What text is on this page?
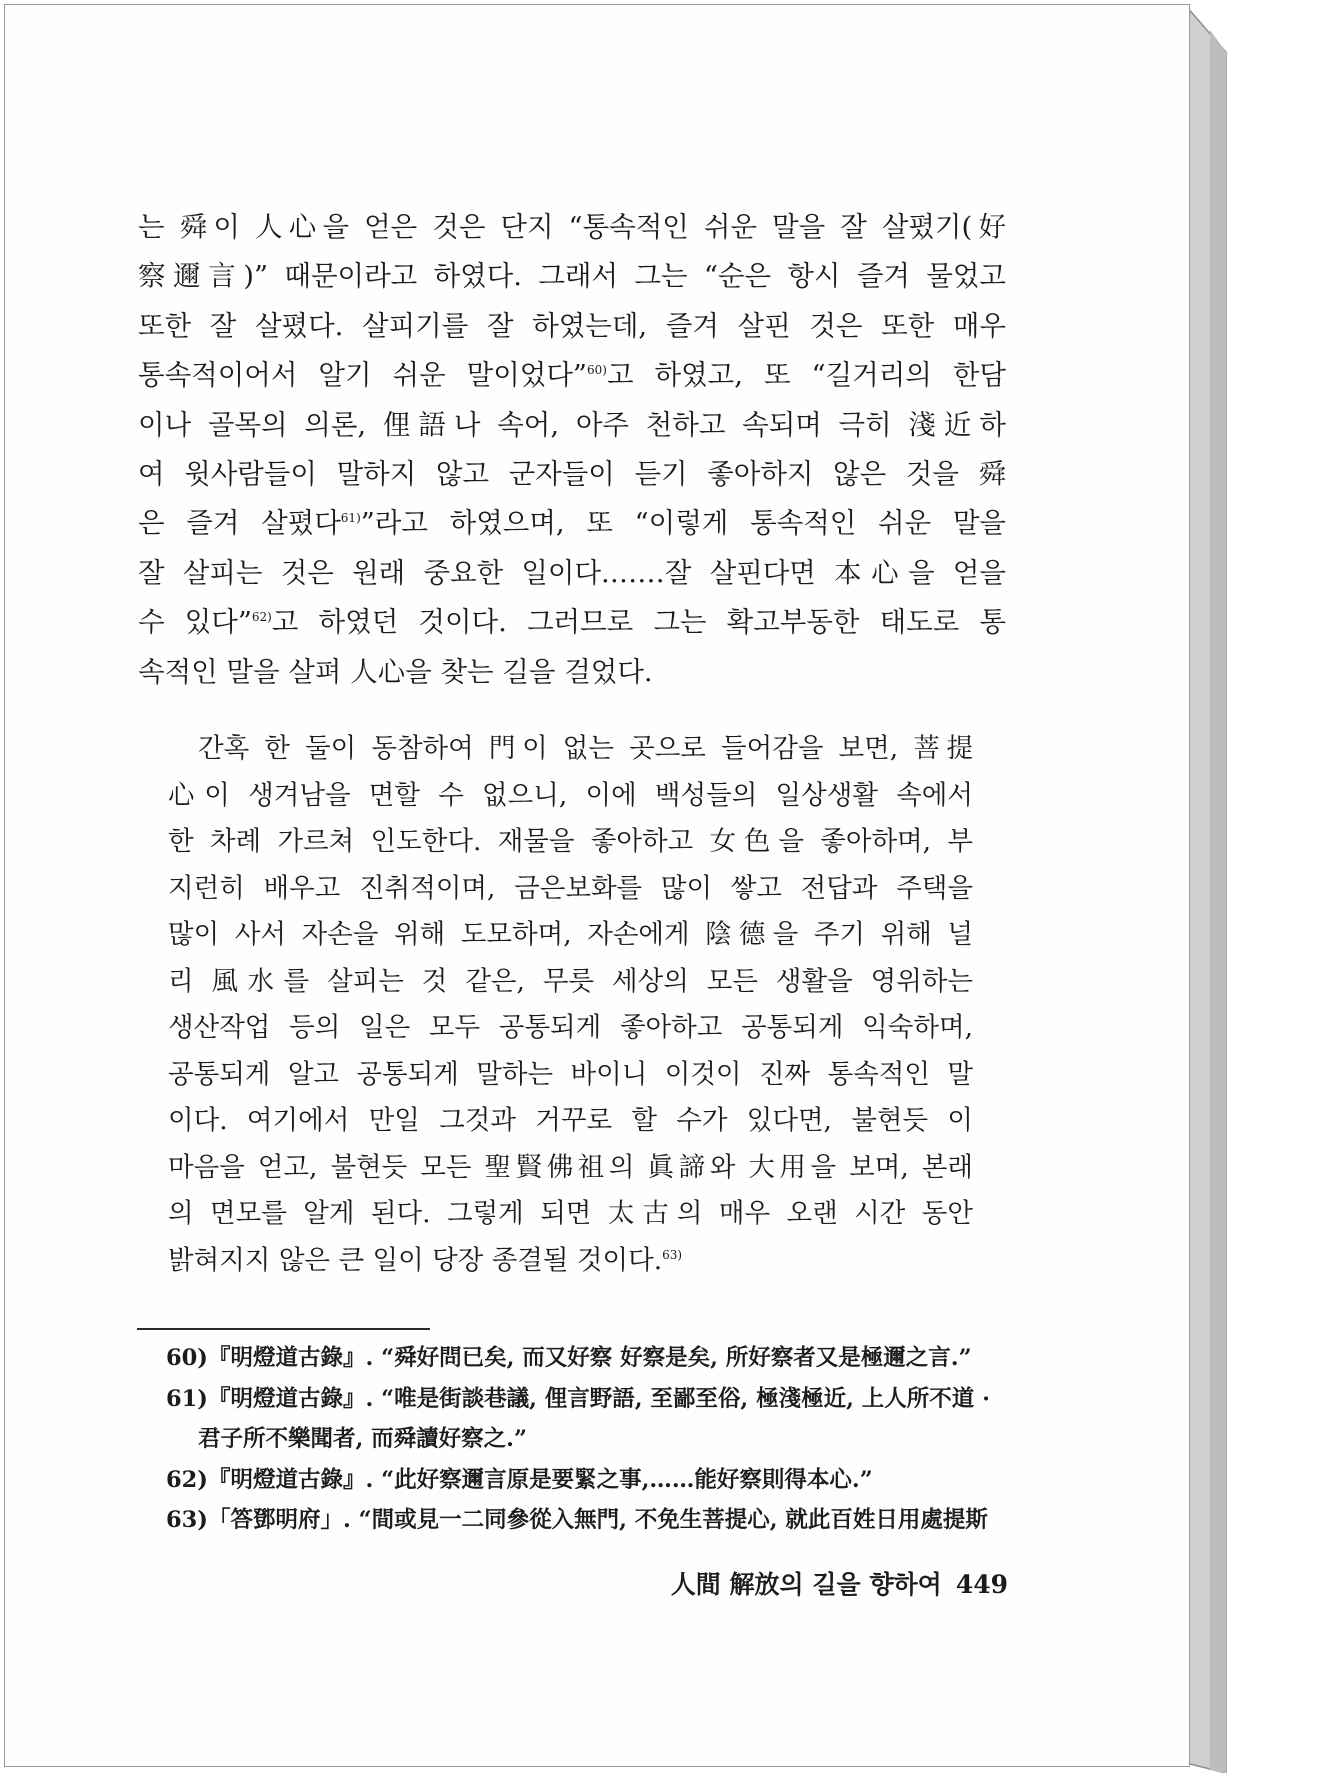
는 舜이 人心을 얻은 것은 단지 “통속적인 쉬운 말을 잘 살폈기(好
察邇言)” 때문이라고 하였다. 그래서 그는 “순은 항시 즐겨 물었고
또한 잘 살폈다. 살피기를 잘 하였는데, 즐겨 살핀 것은 또한 매우
통속적이어서 알기 쉬운 말이었다”$^{60)}$고 하였고, 또 “길거리의 한담
이나 골목의 의론, 俚語나 속어, 아주 천하고 속되며 극히 淺近하
여 윗사람들이 말하지 않고 군자들이 듣기 좋아하지 않은 것을 舜
은 즐겨 살폈다$^{61)}$”라고 하였으며, 또 “이렇게 통속적인 쉬운 말을
잘 살피는 것은 원래 중요한 일이다.……잘 살핀다면 本心을 얻을
수 있다”$^{62)}$고 하였던 것이다. 그러므로 그는 확고부동한 태도로 통
속적인 말을 살펴 人心을 찾는 길을 걸었다.
간혹 한 둘이 동참하여 門이 없는 곳으로 들어감을 보면, 菩提
心이 생겨남을 면할 수 없으니, 이에 백성들의 일상생활 속에서
한 차례 가르쳐 인도한다. 재물을 좋아하고 女色을 좋아하며, 부
지런히 배우고 진취적이며, 금은보화를 많이 쌓고 전답과 주택을
많이 사서 자손을 위해 도모하며, 자손에게 陰德을 주기 위해 널
리 風水를 살피는 것 같은, 무릇 세상의 모든 생활을 영위하는
생산작업 등의 일은 모두 공통되게 좋아하고 공통되게 익숙하며,
공통되게 알고 공통되게 말하는 바이니 이것이 진짜 통속적인 말
이다. 여기에서 만일 그것과 거꾸로 할 수가 있다면, 불현듯 이
마음을 얻고, 불현듯 모든 聖賢佛祖의 眞諦와 大用을 보며, 본래
의 면모를 알게 된다. 그렇게 되면 太古의 매우 오랜 시간 동안
밝혀지지 않은 큰 일이 당장 종결될 것이다.$^{63)}$
60)『明燈道古錄』. “舜好問已矣, 而又好察 好察是矣, 所好察者又是極邇之言.”
61)『明燈道古錄』. “唯是街談巷議, 俚言野語, 至鄙至俗, 極淺極近, 上人所不道 ·
君子所不樂聞者, 而舜讀好察之.”
62)『明燈道古錄』. “此好察邇言原是要緊之事,……能好察則得本心.”
63)「答鄧明府」. “間或見一二同參從入無門, 不免生菩提心, 就此百姓日用處提斯
人間 解放의 길을 향하여 449
